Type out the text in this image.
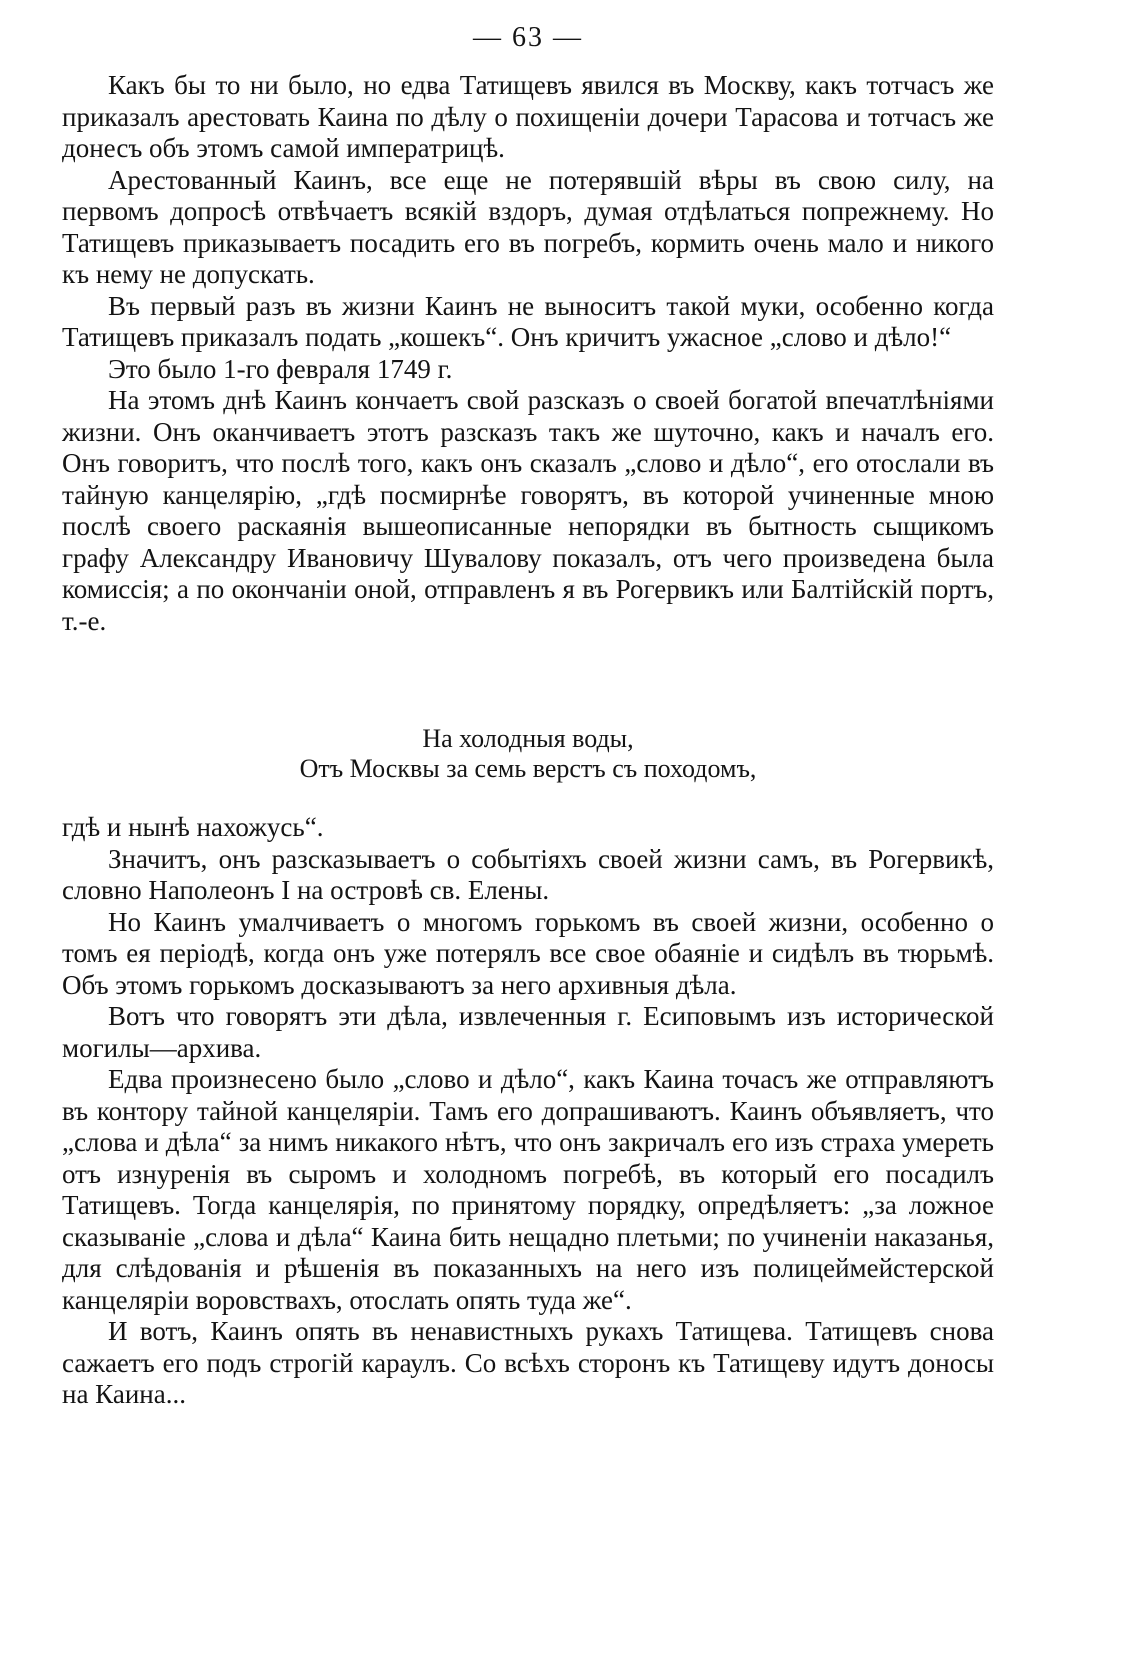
— 63 —

Какъ бы то ни было, но едва Татищевъ явился въ Москву, какъ тотчасъ же приказалъ арестовать Каина по дѣлу о похищеніи дочери Тарасова и тотчасъ же донесъ объ этомъ самой императрицѣ.

Арестованный Каинъ, все еще не потерявшій вѣры въ свою силу, на первомъ допросѣ отвѣчаетъ всякій вздоръ, думая отдѣлаться попрежнему. Но Татищевъ приказываетъ посадить его въ погребъ, кормить очень мало и никого къ нему не допускать.

Въ первый разъ въ жизни Каинъ не выноситъ такой муки, особенно когда Татищевъ приказалъ подать „кошекъ“. Онъ кричитъ ужасное „слово и дѣло!“

Это было 1-го февраля 1749 г.

На этомъ днѣ Каинъ кончаетъ свой разсказъ о своей богатой впечатлѣніями жизни. Онъ оканчиваетъ этотъ разсказъ такъ же шуточно, какъ и началъ его. Онъ говоритъ, что послѣ того, какъ онъ сказалъ „слово и дѣло“, его отослали въ тайную канцелярію, „гдѣ посмирнѣе говорятъ, въ которой учиненные мною послѣ своего раскаянія вышеописанные непорядки въ бытность сыщикомъ графу Александру Ивановичу Шувалову показалъ, отъ чего произведена была комиссія; а по окончаніи оной, отправленъ я въ Рогервикъ или Балтійскій портъ, т.-е.

На холодныя воды,

Отъ Москвы за семь верстъ съ походомъ,

гдѣ и нынѣ нахожусь“.

Значитъ, онъ разсказываетъ о событіяхъ своей жизни самъ, въ Рогервикѣ, словно Наполеонъ I на островѣ св. Елены.

Но Каинъ умалчиваетъ о многомъ горькомъ въ своей жизни, особенно о томъ ея періодѣ, когда онъ уже потерялъ все свое обаяніе и сидѣлъ въ тюрьмѣ. Объ этомъ горькомъ досказываютъ за него архивныя дѣла.

Вотъ что говорятъ эти дѣла, извлеченныя г. Есиповымъ изъ исторической могилы—архива.

Едва произнесено было „слово и дѣло“, какъ Каина точасъ же отправляютъ въ контору тайной канцеляріи. Тамъ его допрашиваютъ. Каинъ объявляетъ, что „слова и дѣла“ за нимъ никакого нѣтъ, что онъ закричалъ его изъ страха умереть отъ изнуренія въ сыромъ и холодномъ погребѣ, въ который его посадилъ Татищевъ. Тогда канцелярія, по принятому порядку, опредѣляетъ: „за ложное сказываніе „слова и дѣла“ Каина бить нещадно плетьми; по учиненіи наказанья, для слѣдованія и рѣшенія въ показанныхъ на него изъ полицеймейстерской канцеляріи воровствахъ, отослать опять туда же“.

И вотъ, Каинъ опять въ ненавистныхъ рукахъ Татищева. Татищевъ снова сажаетъ его подъ строгій караулъ. Со всѣхъ сторонъ къ Татищеву идутъ доносы на Каина...
